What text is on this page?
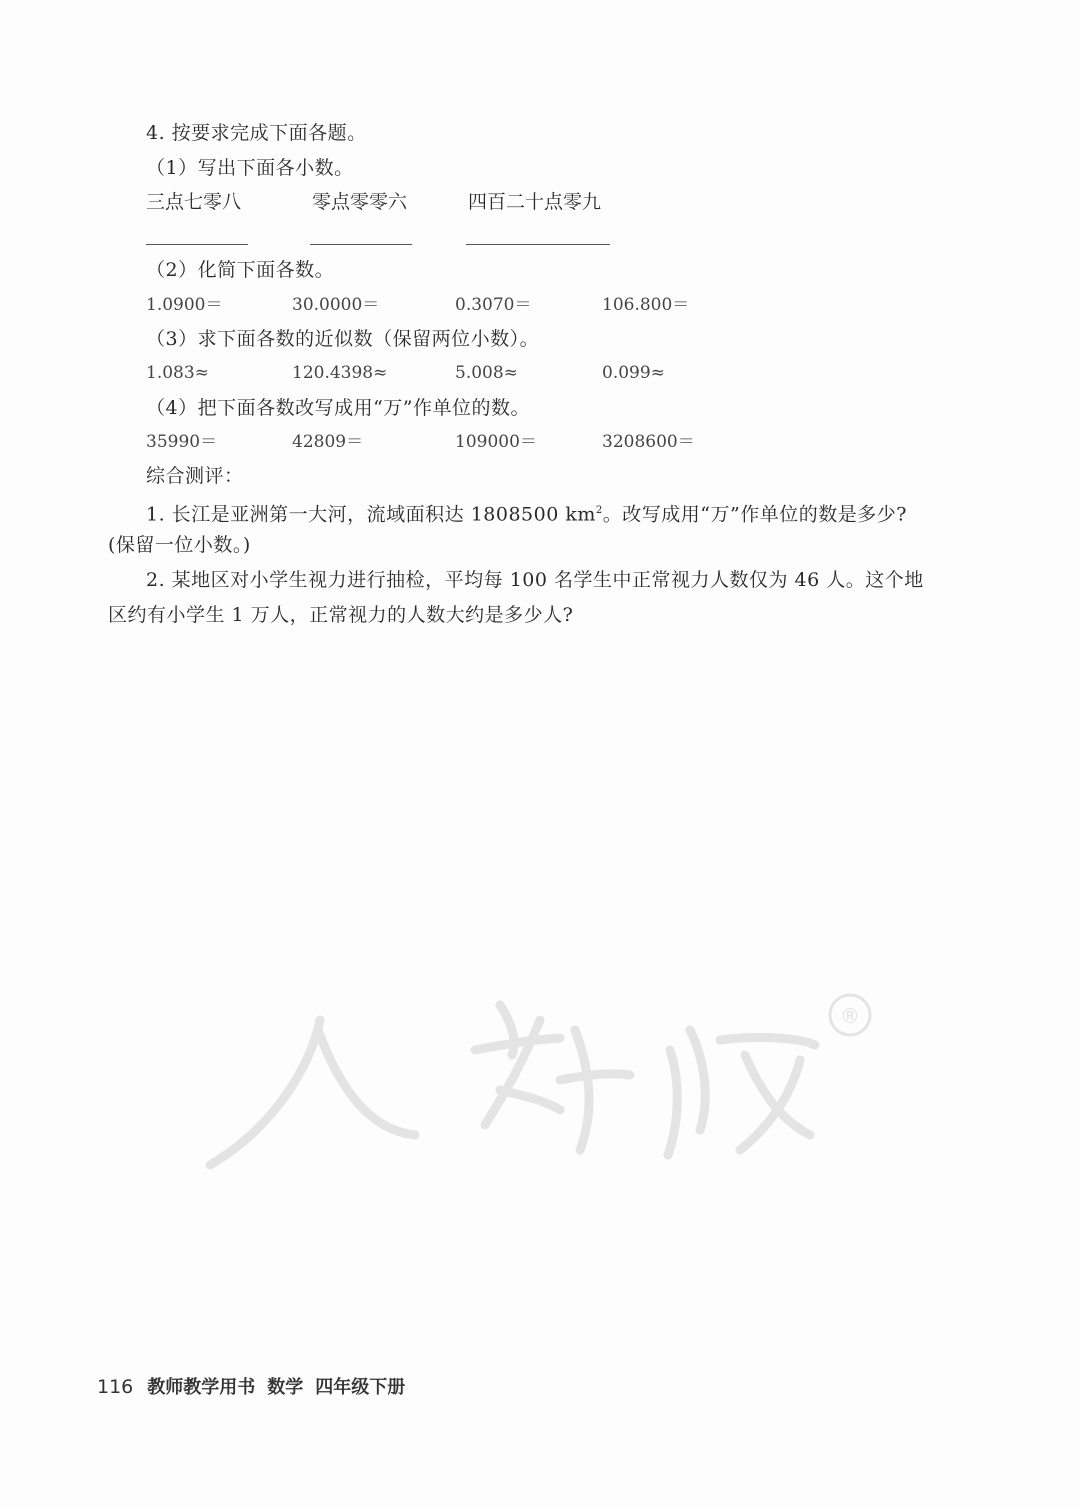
4. 按要求完成下面各题。
（1）写出下面各小数。
三点七零八	零点零零六	四百二十点零九
（2）化简下面各数。
1.0900＝	30.0000＝	0.3070＝	106.800＝
（3）求下面各数的近似数（保留两位小数）。
1.083≈	120.4398≈	5.008≈	0.099≈
（4）把下面各数改写成用“万”作单位的数。
35990＝	42809＝	109000＝	3208600＝
综合测评：
1. 长江是亚洲第一大河，流域面积达 1808500 $km^2$。改写成用“万”作单位的数是多少?
(保留一位小数。)
2. 某地区对小学生视力进行抽检，平均每 100 名学生中正常视力人数仅为 46 人。这个地
区约有小学生 1 万人，正常视力的人数大约是多少人?
®
116 教师教学用书 数学 四年级下册
